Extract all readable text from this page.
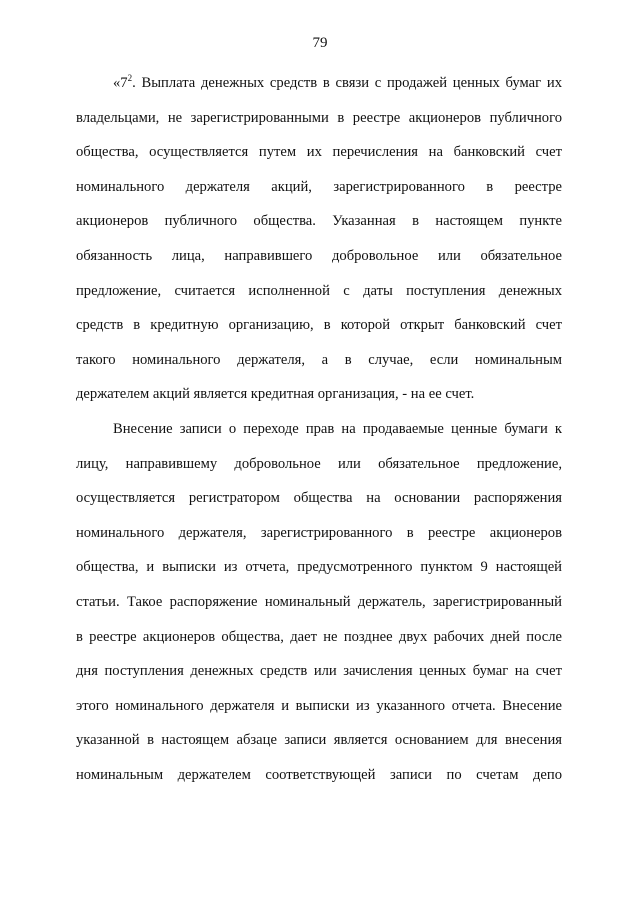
79
«$7^2$. Выплата денежных средств в связи с продажей ценных бумаг их
владельцами, не зарегистрированными в реестре акционеров публичного
общества, осуществляется путем их перечисления на банковский счет
номинального держателя акций, зарегистрированного в реестре
акционеров публичного общества. Указанная в настоящем пункте
обязанность лица, направившего добровольное или обязательное
предложение, считается исполненной с даты поступления денежных
средств в кредитную организацию, в которой открыт банковский счет
такого номинального держателя, а в случае, если номинальным
держателем акций является кредитная организация, - на ее счет.
Внесение записи о переходе прав на продаваемые ценные бумаги к
лицу, направившему добровольное или обязательное предложение,
осуществляется регистратором общества на основании распоряжения
номинального держателя, зарегистрированного в реестре акционеров
общества, и выписки из отчета, предусмотренного пунктом 9 настоящей
статьи. Такое распоряжение номинальный держатель, зарегистрированный
в реестре акционеров общества, дает не позднее двух рабочих дней после
дня поступления денежных средств или зачисления ценных бумаг на счет
этого номинального держателя и выписки из указанного отчета. Внесение
указанной в настоящем абзаце записи является основанием для внесения
номинальным держателем соответствующей записи по счетам депо
